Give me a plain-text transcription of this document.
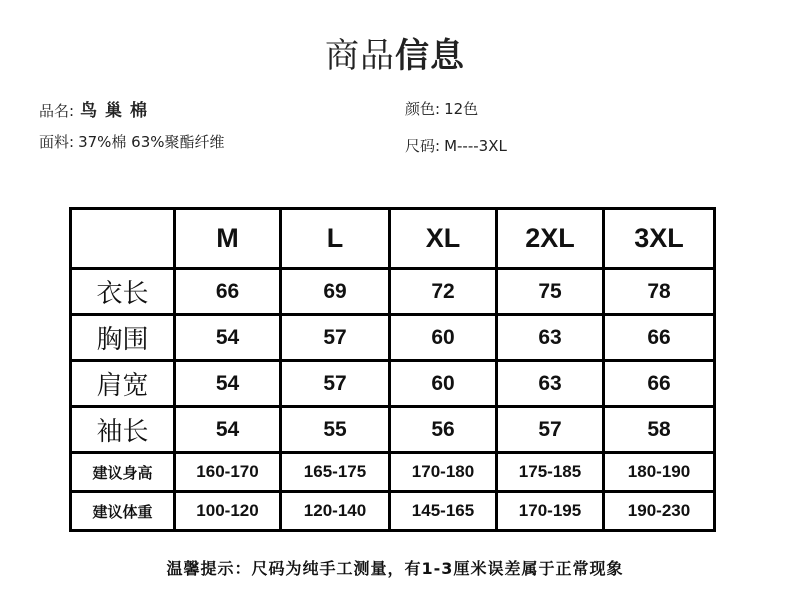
商品信息
品名: 鸟巢棉	颜色: 12色
面料: 37%棉 63%聚酯纤维	尺码: M----3XL
	M	L	XL	2XL	3XL
衣长	66	69	72	75	78
胸围	54	57	60	63	66
肩宽	54	57	60	63	66
袖长	54	55	56	57	58
建议身高	160-170	165-175	170-180	175-185	180-190
建议体重	100-120	120-140	145-165	170-195	190-230
温馨提示：尺码为纯手工测量，有1-3厘米误差属于正常现象
